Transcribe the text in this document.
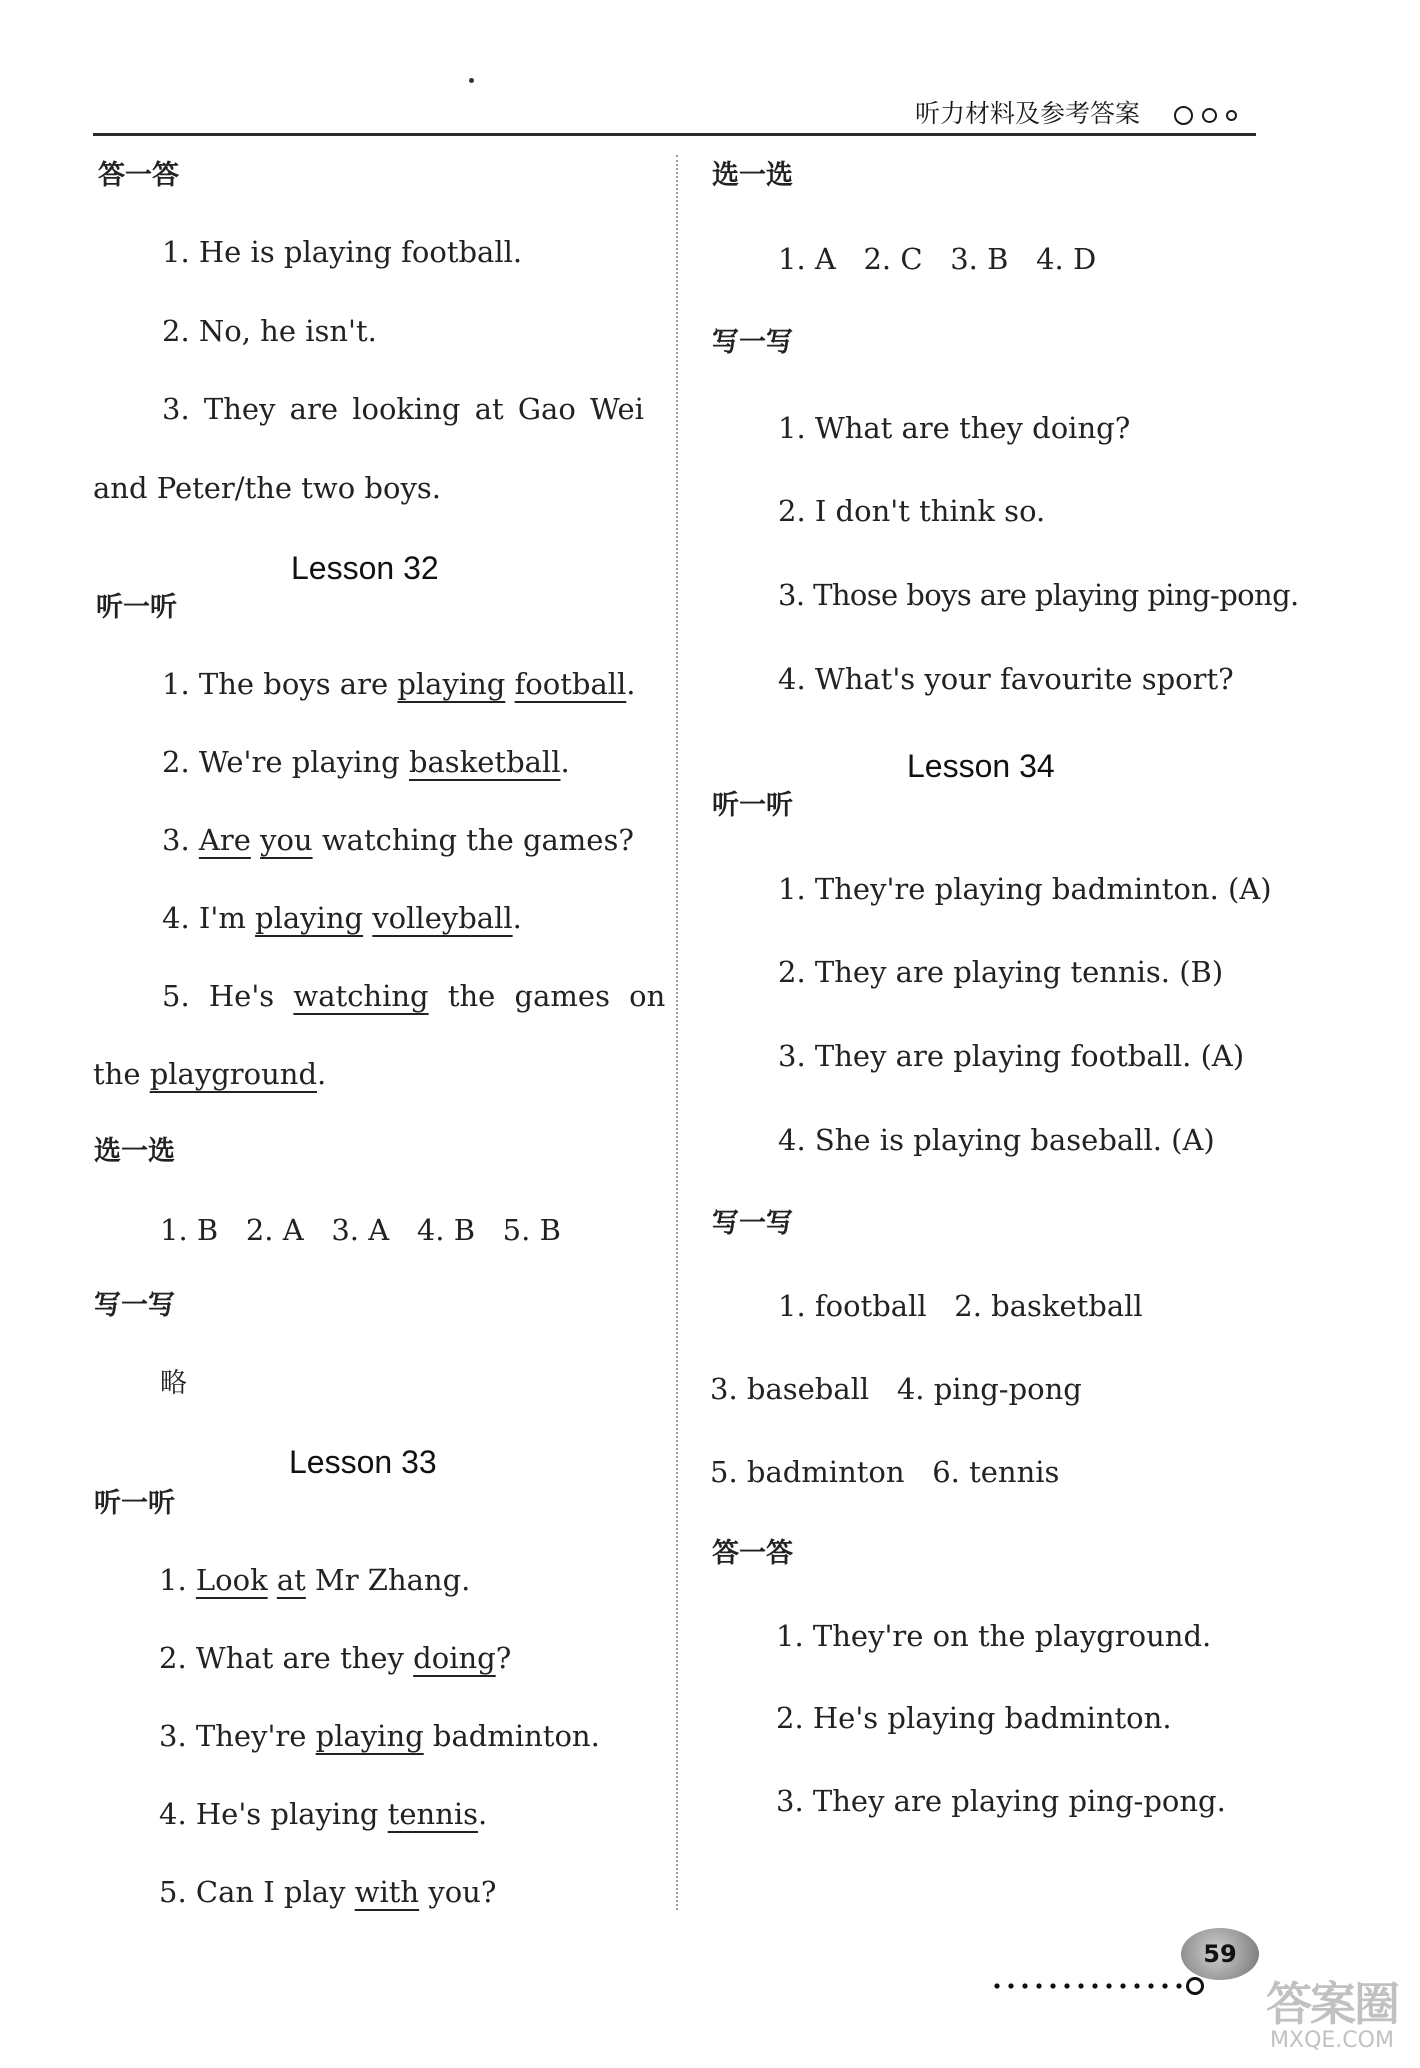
听力材料及参考答案
答一答
1. He is playing football.
2. No, he isn't.
3. They are looking at Gao Wei
and Peter/the two boys.
Lesson 32
听一听
1. The boys are playing football.
2. We're playing basketball.
3. Are you watching the games?
4. I'm playing volleyball.
5. He's watching the games on
the playground.
选一选
1. B   2. A   3. A   4. B   5. B
写一写
略
Lesson 33
听一听
1. Look at Mr Zhang.
2. What are they doing?
3. They're playing badminton.
4. He's playing tennis.
5. Can I play with you?
选一选
1. A   2. C   3. B   4. D
写一写
1. What are they doing?
2. I don't think so.
3. Those boys are playing ping-pong.
4. What's your favourite sport?
Lesson 34
听一听
1. They're playing badminton. (A)
2. They are playing tennis. (B)
3. They are playing football. (A)
4. She is playing baseball. (A)
写一写
1. football   2. basketball
3. baseball   4. ping-pong
5. badminton   6. tennis
答一答
1. They're on the playground.
2. He's playing badminton.
3. They are playing ping-pong.
59
答案圈
MXQE.COM
